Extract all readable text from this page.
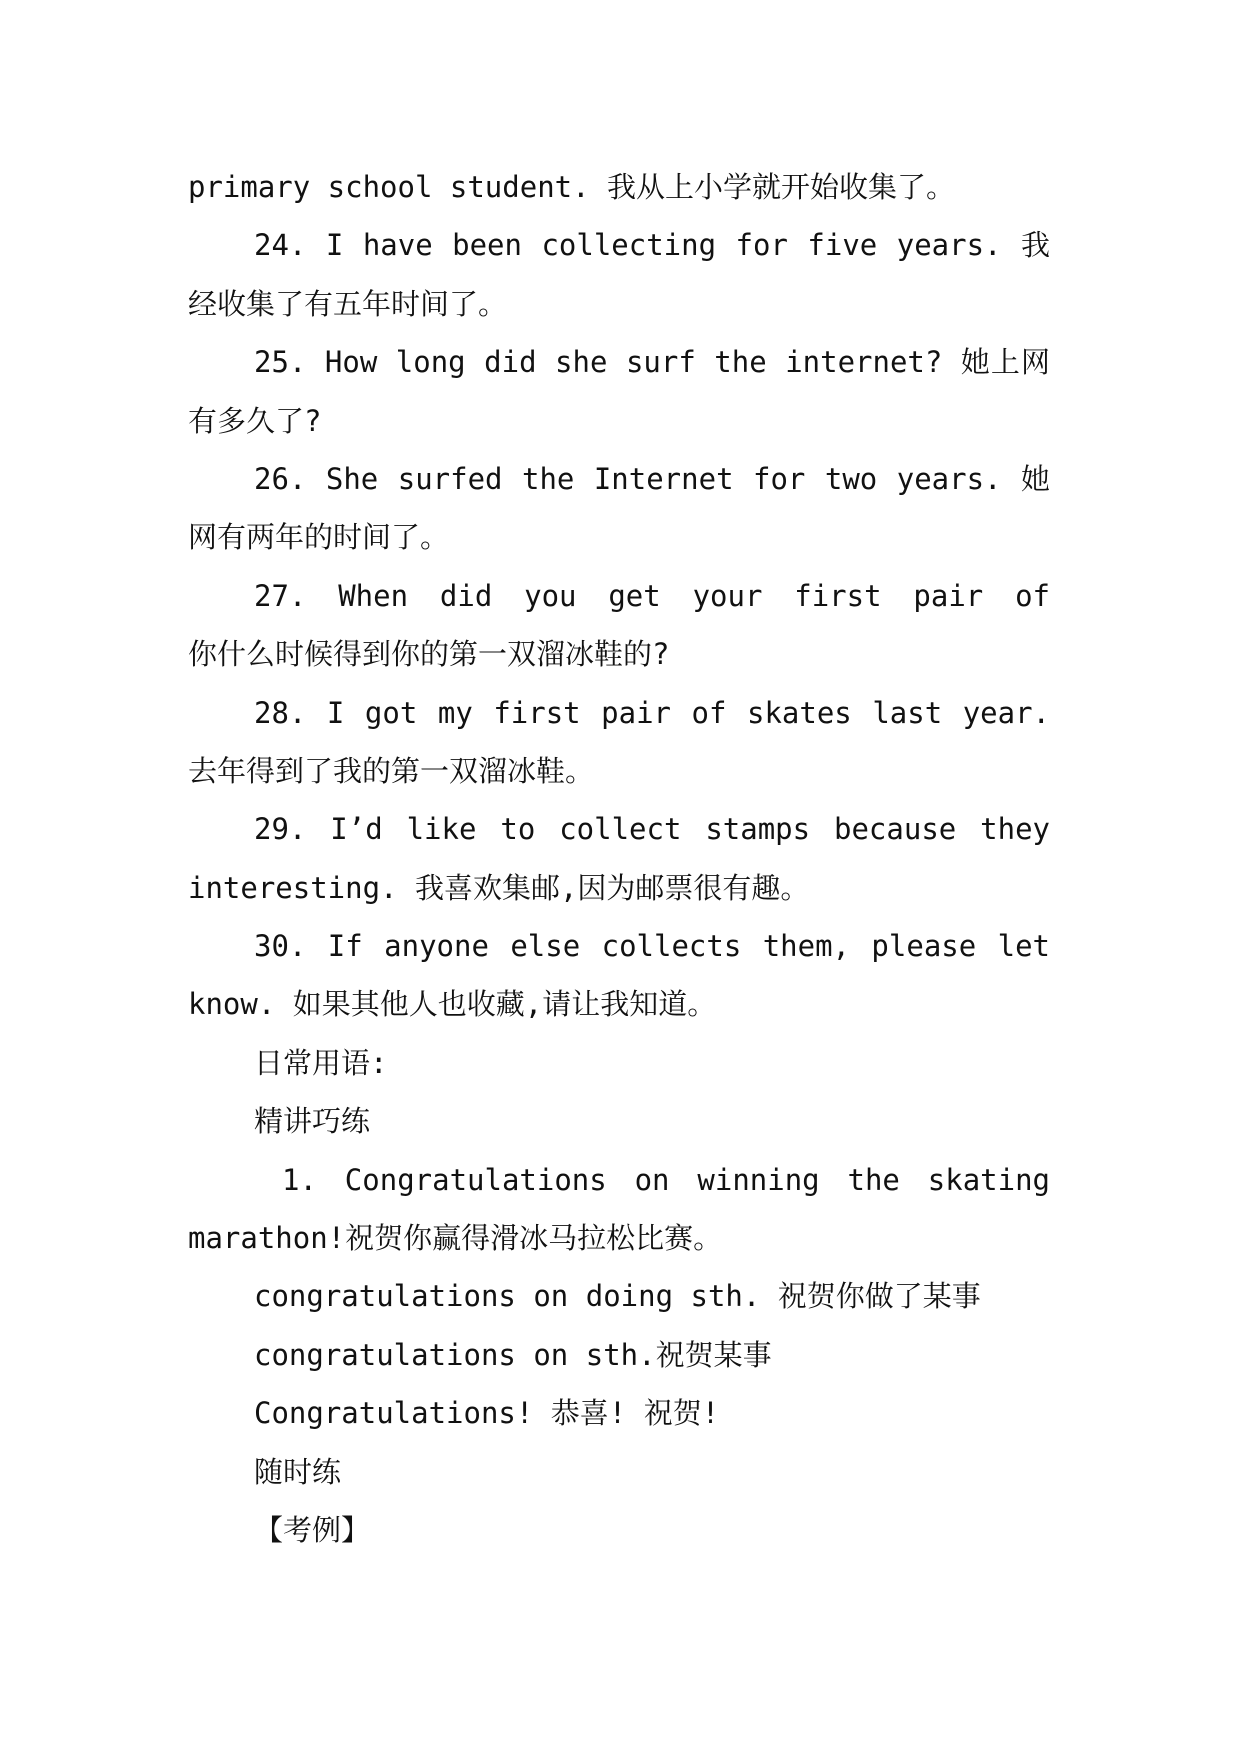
primary school student. 我从上小学就开始收集了。
24. I have been collecting for five years. 我
经收集了有五年时间了。
25. How long did she surf the internet? 她上网
有多久了?
26. She surfed the Internet for two years. 她
网有两年的时间了。
27. When did you get your first pair of
你什么时候得到你的第一双溜冰鞋的?
28. I got my first pair of skates last year.
去年得到了我的第一双溜冰鞋。
29. I’d like to collect stamps because they
interesting. 我喜欢集邮,因为邮票很有趣。
30. If anyone else collects them, please let
know. 如果其他人也收藏,请让我知道。
日常用语:
精讲巧练
1. Congratulations on winning the skating
marathon!祝贺你赢得滑冰马拉松比赛。
congratulations on doing sth. 祝贺你做了某事
congratulations on sth.祝贺某事
Congratulations! 恭喜! 祝贺!
随时练
【考例】
